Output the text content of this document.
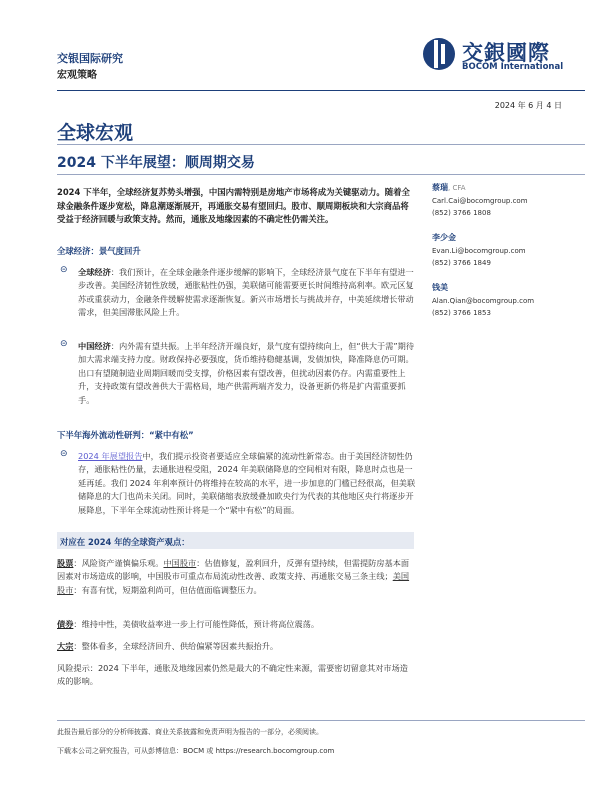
交银国际研究
宏观策略
交銀國際
BOCOM International
2024 年 6 月 4 日
全球宏观
2024 下半年展望：顺周期交易
2024 下半年，全球经济复苏势头增强，中国内需特别是房地产市场将成为关键驱动力。随着全球金融条件逐步宽松，降息潮逐渐展开，再通胀交易有望回归。股市、顺周期板块和大宗商品将受益于经济回暖与政策支持。然而，通胀及地缘因素的不确定性仍需关注。
全球经济：景气度回升
⊝ 全球经济：我们预计，在全球金融条件逐步缓解的影响下，全球经济景气度在下半年有望进一步改善。美国经济韧性放缓，通胀粘性仍强，美联储可能需要更长时间维持高利率。欧元区复苏或重获动力，金融条件缓解使需求逐渐恢复。新兴市场增长与挑战并存，中美延续增长带动需求，但美国滞胀风险上升。
⊝ 中国经济：内外需有望共振。上半年经济开端良好，景气度有望持续向上，但“供大于需”期待加大需求端支持力度。财政保持必要强度，货币维持稳健基调，发债加快，降准降息仍可期。出口有望随制造业周期回暖而受支撑，价格因素有望改善，但扰动因素仍存。内需重要性上升，支持政策有望改善供大于需格局，地产供需两端齐发力，设备更新仍将是扩内需重要抓手。
下半年海外流动性研判：“紧中有松”
⊝ 2024 年展望报告中，我们提示投资者要适应全球偏紧的流动性新常态。由于美国经济韧性仍存，通胀粘性仍量，去通胀进程受阻，2024 年美联储降息的空间相对有限，降息时点也是一延再延。我们 2024 年利率预计仍将维持在较高的水平，进一步加息的门槛已经很高，但美联储降息的大门也尚未关闭。同时，美联储缩表放缓叠加欧央行为代表的其他地区央行将逐步开展降息，下半年全球流动性预计将是一个“紧中有松”的局面。
对应在 2024 年的全球资产观点：
股票：风险资产谨慎偏乐观。中国股市：估值修复，盈利回升，反弹有望持续，但需提防房基本面因素对市场造成的影响，中国股市可重点布局流动性改善、政策支持、再通胀交易三条主线；美国股市：有喜有忧，短期盈利尚可，但估值面临调整压力。
债券：维持中性，美债收益率进一步上行可能性降低，预计将高位震荡。
大宗：整体看多，全球经济回升、供给偏紧等因素共振抬升。
风险提示：2024 下半年，通胀及地缘因素仍然是最大的不确定性来源，需要密切留意其对市场造成的影响。
蔡瑞, CFA
Carl.Cai@bocomgroup.com
(852) 3766 1808
李少金
Evan.Li@bocomgroup.com
(852) 3766 1849
钱美
Alan.Qian@bocomgroup.com
(852) 3766 1853
此报告最后部分的分析师披露、商业关系披露和免责声明为报告的一部分，必须阅读。
下载本公司之研究报告，可从彭博信息：BOCM 或 https://research.bocomgroup.com
